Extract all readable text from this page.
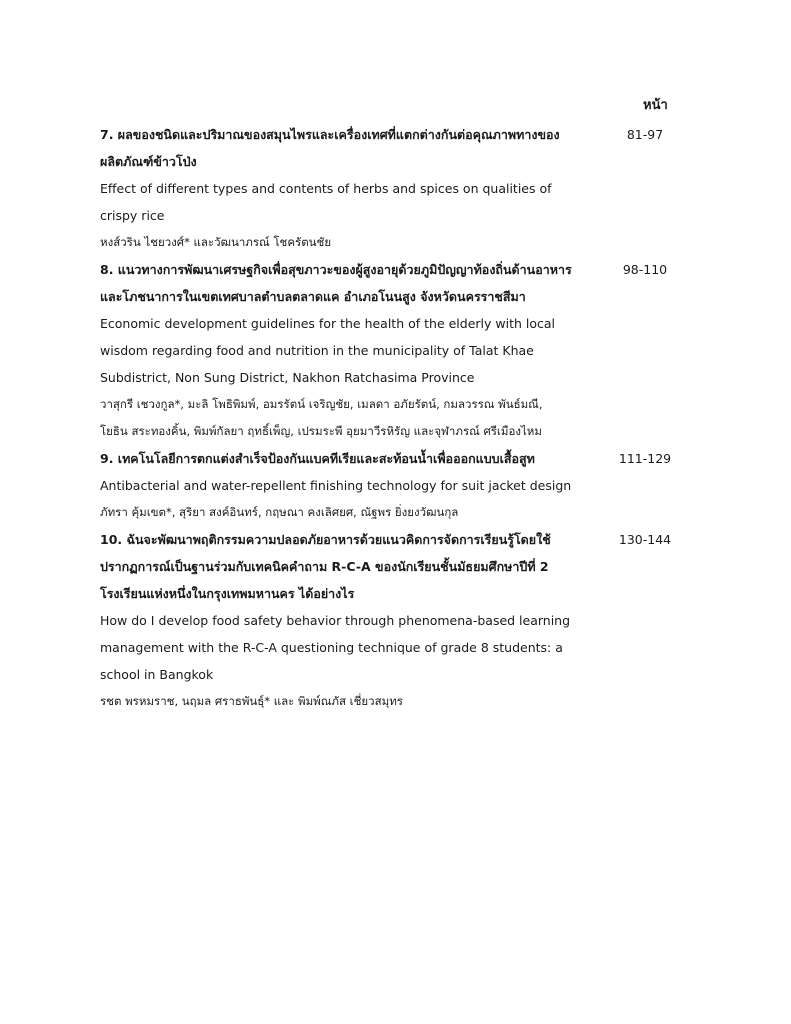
หน้า
81-97
7. ผลของชนิดและปริมาณของสมุนไพรและเครื่องเทศที่แตกต่างกันต่อคุณภาพทางของ
ผลิตภัณฑ์ข้าวโป่ง
Effect of different types and contents of herbs and spices on qualities of
crispy rice
หงส์วริน ไชยวงศ์* และวัฒนาภรณ์ โชครัตนชัย
98-110
8. แนวทางการพัฒนาเศรษฐกิจเพื่อสุขภาวะของผู้สูงอายุด้วยภูมิปัญญาท้องถิ่นด้านอาหาร
และโภชนาการในเขตเทศบาลตำบลตลาดแค อำเภอโนนสูง จังหวัดนครราชสีมา
Economic development guidelines for the health of the elderly with local
wisdom regarding food and nutrition in the municipality of Talat Khae
Subdistrict, Non Sung District, Nakhon Ratchasima Province
วาสุกรี เชวงกูล*, มะลิ โพธิพิมพ์, อมรรัตน์ เจริญชัย, เมลดา อภัยรัตน์, กมลวรรณ พันธ์มณี,
โยธิน สระทองคิ้น, พิมพ์กัลยา ฤทธิ์เพ็ญ, เปรมระพี อุยมาวีรหิรัญ และจุฬาภรณ์ ศรีเมืองไหม
111-129
9. เทคโนโลยีการตกแต่งสำเร็จป้องกันแบคทีเรียและสะท้อนน้ำเพื่อออกแบบเสื้อสูท
Antibacterial and water-repellent finishing technology for suit jacket design
ภัทรา คุ้มเขต*, สุริยา สงค์อินทร์, กฤษณา คงเลิศยศ, ณัฐพร ยิ่งยงวัฒนกุล
130-144
10. ฉันจะพัฒนาพฤติกรรมความปลอดภัยอาหารด้วยแนวคิดการจัดการเรียนรู้โดยใช้
ปรากฏการณ์เป็นฐานร่วมกับเทคนิคคำถาม R-C-A ของนักเรียนชั้นมัธยมศึกษาปีที่ 2
โรงเรียนแห่งหนึ่งในกรุงเทพมหานคร ได้อย่างไร
How do I develop food safety behavior through phenomena-based learning
management with the R-C-A questioning technique of grade 8 students: a
school in Bangkok
รชต พรหมราช, นฤมล ศราธพันธุ์* และ พิมพ์ณภัส เชี่ยวสมุทร
